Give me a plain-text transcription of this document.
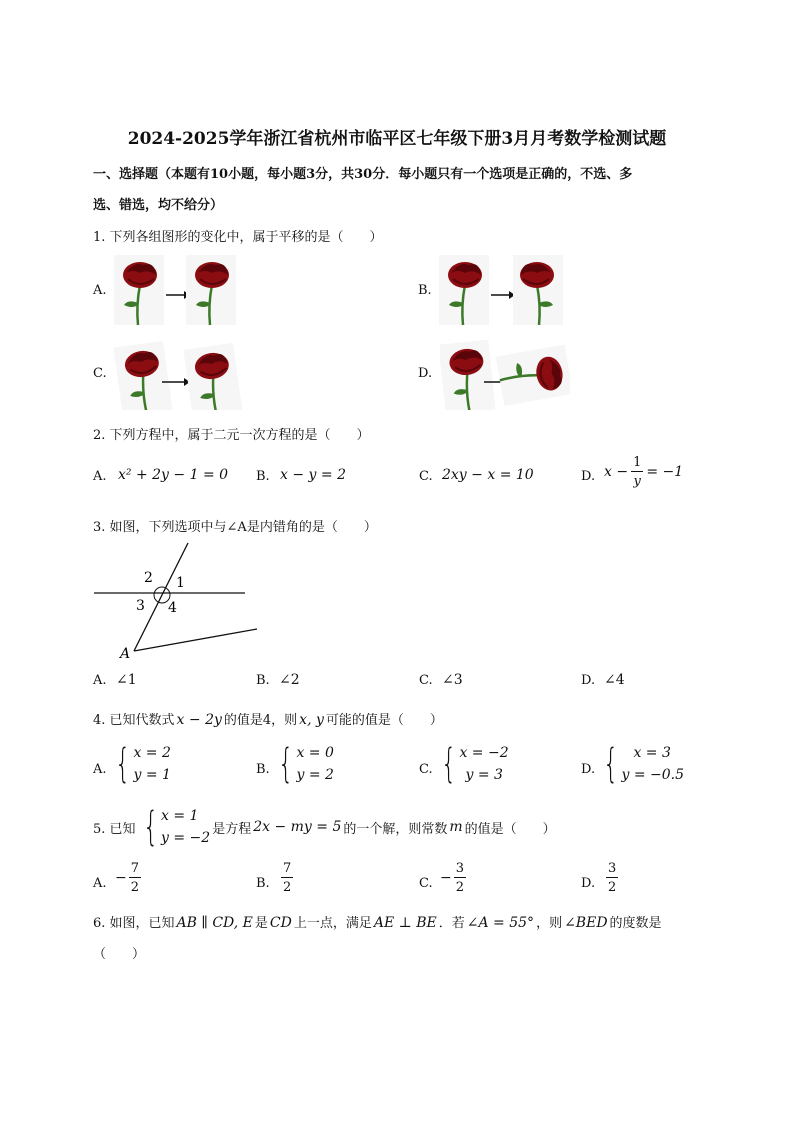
2024-2025学年浙江省杭州市临平区七年级下册3月月考数学检测试题
一、选择题（本题有10小题，每小题3分，共30分．每小题只有一个选项是正确的，不选、多
选、错选，均不给分）
1. 下列各组图形的变化中，属于平移的是（　　）
A.	B.
C.	D.
2. 下列方程中，属于二元一次方程的是（　　）
A. x² + 2y − 1 = 0 B. x − y = 2	C. 2xy − x = 10	D. $x - \frac{1}{y} = -1$
3. 如图，下列选项中与∠A是内错角的是（　　）
2 1
3 4
A
A. ∠1	B. ∠2	C. ∠3	D. ∠4
4. 已知代数式 x − 2y 的值是4，则 x, y 可能的值是（　　）
A. { x = 2
y = 1	B. { x = 0
y = 2	C. { x = −2
y = 3	D. {	x = 3
y = −0.5
5. 已知 { x = 1
y = −2
是方程 2x − my = 5 的一个解，则常数 m 的值是（　　）
A. − $\frac{7}{2}$	B. $\frac{7}{2}$	C. − $\frac{3}{2}$	D. $\frac{3}{2}$
6. 如图，已知 AB ∥ CD, E 是 CD 上一点，满足 AE ⊥ BE ．若 ∠A = 55° ，则 ∠BED 的度数是
（　　）
